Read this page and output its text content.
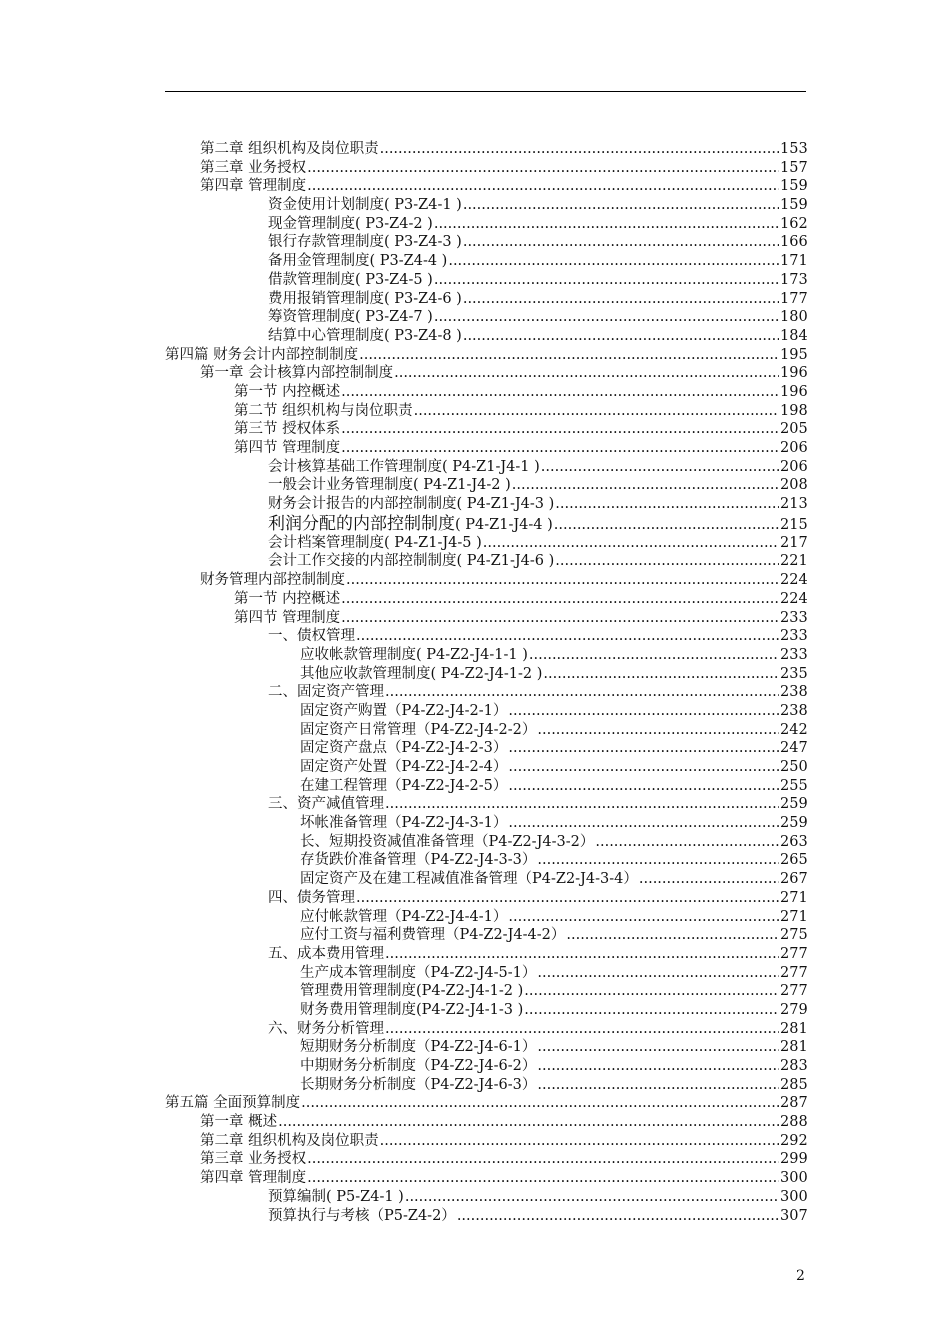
第二章 组织机构及岗位职责 .....	153
第三章 业务授权 .....	157
第四章 管理制度 .....	159
资金使用计划制度( P3-Z4-1 ) .....	159
现金管理制度( P3-Z4-2 ) .....	162
银行存款管理制度( P3-Z4-3 ) .....	166
备用金管理制度( P3-Z4-4 ) .....	171
借款管理制度( P3-Z4-5 ) .....	173
费用报销管理制度( P3-Z4-6 ) .....	177
筹资管理制度( P3-Z4-7 ) .....	180
结算中心管理制度( P3-Z4-8 ) .....	184
第四篇 财务会计内部控制制度 .....	195
第一章 会计核算内部控制制度 .....	196
第一节 内控概述 .....	196
第二节 组织机构与岗位职责 .....	198
第三节 授权体系 .....	205
第四节 管理制度 .....	206
会计核算基础工作管理制度( P4-Z1-J4-1 ) .....	206
一般会计业务管理制度( P4-Z1-J4-2 ) .....	208
财务会计报告的内部控制制度( P4-Z1-J4-3 ) .....	213
利润分配的内部控制制度 ( P4-Z1-J4-4 ) .....	215
会计档案管理制度( P4-Z1-J4-5 ) .....	217
会计工作交接的内部控制制度( P4-Z1-J4-6 ) .....	221
财务管理内部控制制度 .....	224
第一节 内控概述 .....	224
第四节 管理制度 .....	233
一、债权管理 .....	233
应收帐款管理制度( P4-Z2-J4-1-1 ) .....	233
其他应收款管理制度( P4-Z2-J4-1-2 ) .....	235
二、固定资产管理 .....	238
固定资产购置（P4-Z2-J4-2-1） .....	238
固定资产日常管理（P4-Z2-J4-2-2） .....	242
固定资产盘点（P4-Z2-J4-2-3） .....	247
固定资产处置（P4-Z2-J4-2-4） .....	250
在建工程管理（P4-Z2-J4-2-5） .....	255
三、资产减值管理 .....	259
坏帐准备管理（P4-Z2-J4-3-1） .....	259
长、短期投资减值准备管理（P4-Z2-J4-3-2） .....	263
存货跌价准备管理（P4-Z2-J4-3-3） .....	265
固定资产及在建工程减值准备管理（P4-Z2-J4-3-4） .....	267
四、债务管理 .....	271
应付帐款管理（P4-Z2-J4-4-1） .....	271
应付工资与福利费管理（P4-Z2-J4-4-2） .....	275
五、成本费用管理 .....	277
生产成本管理制度（P4-Z2-J4-5-1） .....	277
管理费用管理制度(P4-Z2-J4-1-2 ) .....	277
财务费用管理制度(P4-Z2-J4-1-3 ) .....	279
六、财务分析管理 .....	281
短期财务分析制度（P4-Z2-J4-6-1） .....	281
中期财务分析制度（P4-Z2-J4-6-2） .....	283
长期财务分析制度（P4-Z2-J4-6-3） .....	285
第五篇 全面预算制度 .....	287
第一章 概述 .....	288
第二章 组织机构及岗位职责 .....	292
第三章 业务授权 .....	299
第四章 管理制度 .....	300
预算编制( P5-Z4-1 ) .....	300
预算执行与考核（P5-Z4-2） .....	307
2
